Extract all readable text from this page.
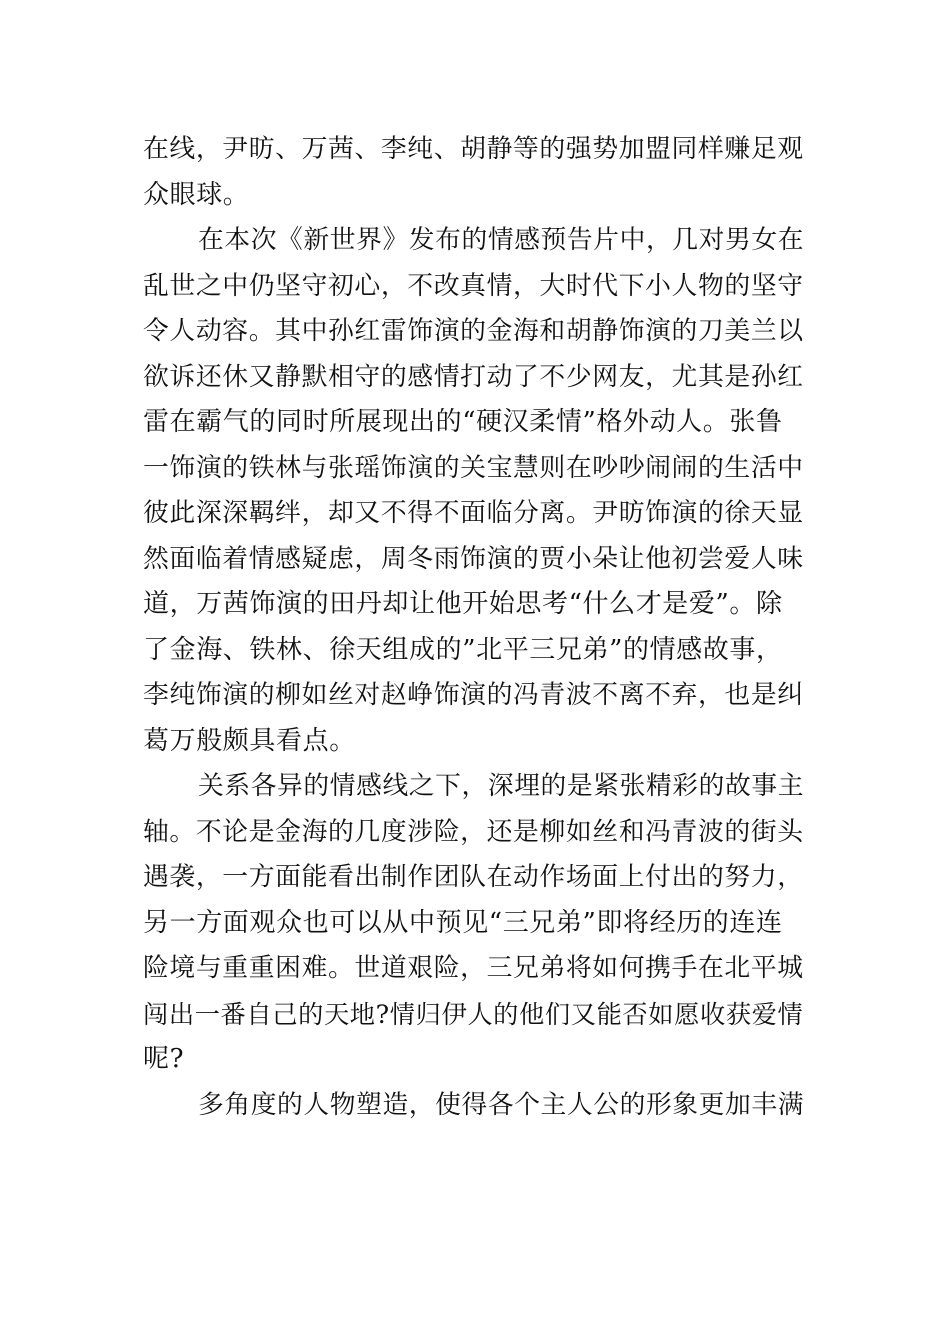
在线，尹昉、万茜、李纯、胡静等的强势加盟同样赚足观
众眼球。
在本次《新世界》发布的情感预告片中，几对男女在
乱世之中仍坚守初心，不改真情，大时代下小人物的坚守
令人动容。其中孙红雷饰演的金海和胡静饰演的刀美兰以
欲诉还休又静默相守的感情打动了不少网友，尤其是孙红
雷在霸气的同时所展现出的“硬汉柔情”格外动人。张鲁
一饰演的铁林与张瑶饰演的关宝慧则在吵吵闹闹的生活中
彼此深深羁绊，却又不得不面临分离。尹昉饰演的徐天显
然面临着情感疑虑，周冬雨饰演的贾小朵让他初尝爱人味
道，万茜饰演的田丹却让他开始思考“什么才是爱”。除
了金海、铁林、徐天组成的”北平三兄弟”的情感故事，
李纯饰演的柳如丝对赵峥饰演的冯青波不离不弃，也是纠
葛万般颇具看点。
关系各异的情感线之下，深埋的是紧张精彩的故事主
轴。不论是金海的几度涉险，还是柳如丝和冯青波的街头
遇袭，一方面能看出制作团队在动作场面上付出的努力，
另一方面观众也可以从中预见“三兄弟”即将经历的连连
险境与重重困难。世道艰险，三兄弟将如何携手在北平城
闯出一番自己的天地?情归伊人的他们又能否如愿收获爱情
呢?
多角度的人物塑造，使得各个主人公的形象更加丰满
